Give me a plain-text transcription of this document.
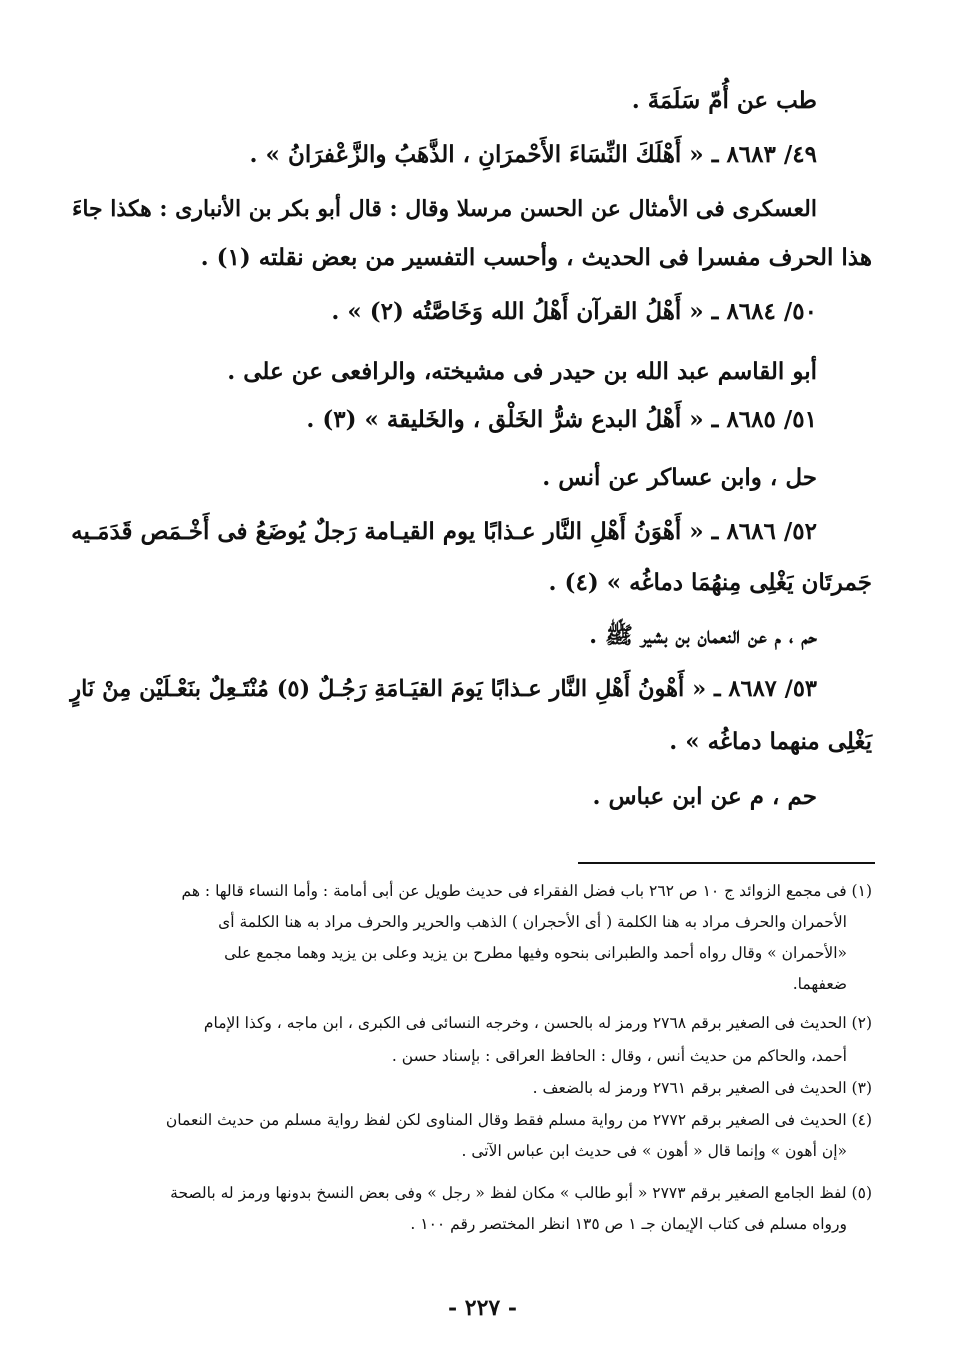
طب عن أُمّ سَلَمَةَ .
٤٩/ ٨٦٨٣ ـ « أَهْلَكَ النِّسَاءَ الأَحْمرَانِ ، الذَّهَبُ والزَّعْفرَانُ » .
العسكرى فى الأمثال عن الحسن مرسلا وقال : قال أبو بكر بن الأنبارى : هكذا جاءَ
هذا الحرف مفسرا فى الحديث ، وأحسب التفسير من بعض نقلته (١) .
٥٠/ ٨٦٨٤ ـ « أَهْلُ القرآن أَهْلُ الله وَخَاصَّتُه (٢) » .
أبو القاسم عبد الله بن حيدر فى مشيخته، والرافعى عن على .
٥١/ ٨٦٨٥ ـ « أَهْلُ البدع شرُّ الخَلْق ، والخَليقة » (٣) .
حل ، وابن عساكر عن أنس .
٥٢/ ٨٦٨٦ ـ « أَهْوَنُ أَهْلِ النَّار عـذابًا يوم القيـامة رَجلٌ يُوضَعُ فى أَخْـمَص قَدَمَـيه
جَمرتَان يَغْلِى مِنهُمَا دماغُه » (٤) .
حم ، م عن النعمان بن بشير ﷺ .
٥٣/ ٨٦٨٧ ـ « أَهْونُ أَهْلِ النَّار عـذابًا يَومَ القيَـامَةِ رَجُـلٌ (٥) مُنْتَـعِلٌ بنَعْـلَيْن مِنْ نَارٍ
يَغْلِى منهما دماغُه » .
حم ، م عن ابن عباس .
(١) فى مجمع الزوائد ج ١٠ ص ٢٦٢ باب فضل الفقراء فى حديث طويل عن أبى أمامة : وأما النساء قالها : هم
الأحمران والحرف مراد به هنا الكلمة ( أى الأحجران ) الذهب والحرير والحرف مراد به هنا الكلمة أى
«الأحمران » وقال رواه أحمد والطبرانى بنحوه وفيها مطرح بن يزيد وعلى بن يزيد وهما مجمع على
ضعفهما.
(٢) الحديث فى الصغير برقم ٢٧٦٨ ورمز له بالحسن ، وخرجه النسائى فى الكبرى ، ابن ماجه ، وكذا الإمام
أحمد، والحاكم من حديث أنس ، وقال : الحافظ العراقى : بإسناد حسن .
(٣) الحديث فى الصغير برقم ٢٧٦١ ورمز له بالضعف .
(٤) الحديث فى الصغير برقم ٢٧٧٢ من رواية مسلم فقط وقال المناوى لكن لفظ رواية مسلم من حديث النعمان
«إن أهون » وإنما قال « أهون » فى حديث ابن عباس الآتى .
(٥) لفظ الجامع الصغير برقم ٢٧٧٣ « أبو طالب » مكان لفظ « رجل » وفى بعض النسخ بدونها ورمز له بالصحة
ورواه مسلم فى كتاب الإيمان جـ ١ ص ١٣٥ انظر المختصر رقم ١٠٠ .
- ٢٢٧ -
